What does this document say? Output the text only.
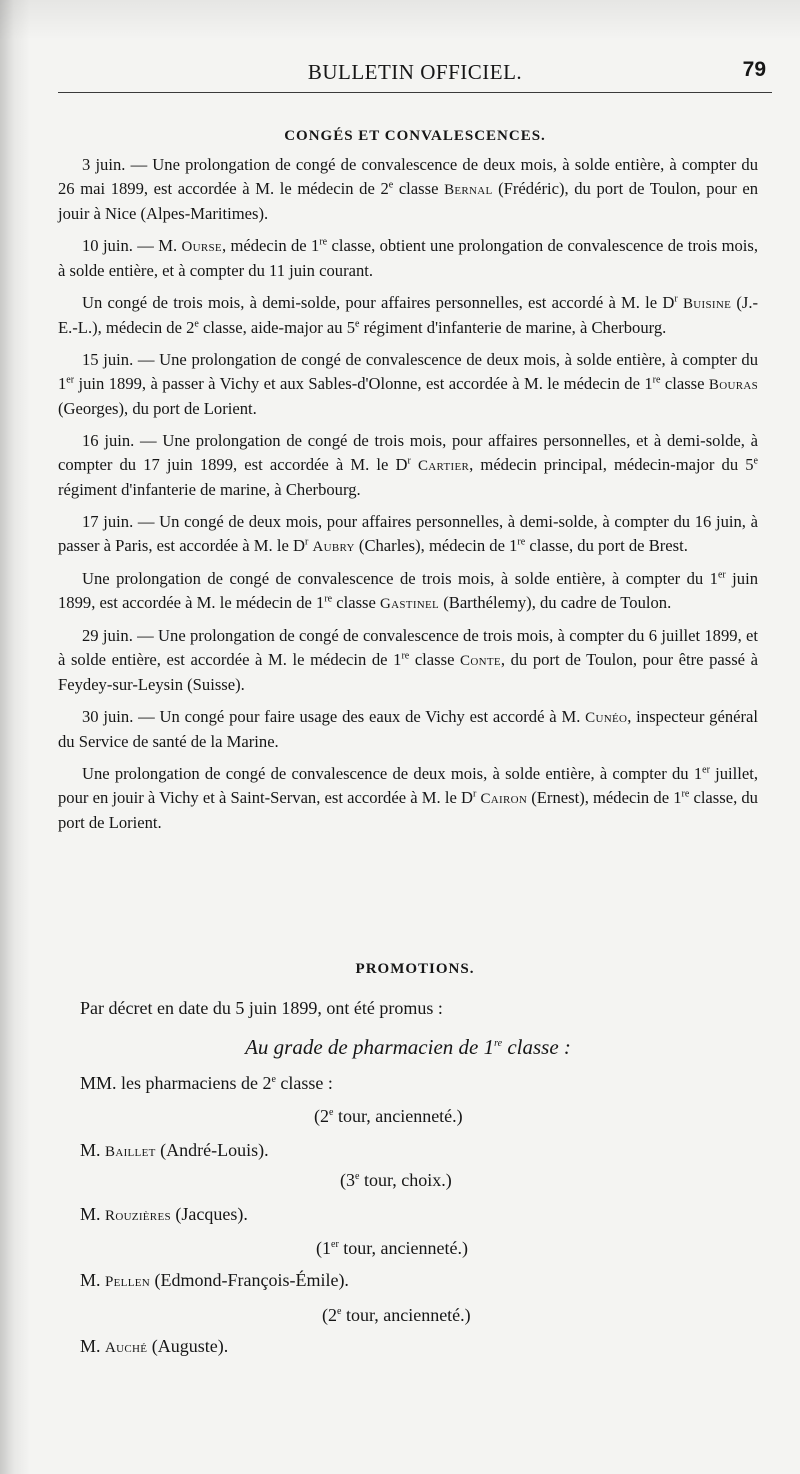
BULLETIN OFFICIEL.	79
CONGÉS ET CONVALESCENCES.

3 juin. — Une prolongation de congé de convalescence de deux mois, à solde entière, à compter du 26 mai 1899, est accordée à M. le médecin de 2e classe Bernal (Frédéric), du port de Toulon, pour en jouir à Nice (Alpes-Maritimes).

10 juin. — M. Ourse, médecin de 1re classe, obtient une prolongation de convalescence de trois mois, à solde entière, et à compter du 11 juin courant.

Un congé de trois mois, à demi-solde, pour affaires personnelles, est accordé à M. le $D^r$ Buisine (J.-E.-L.), médecin de 2e classe, aide-major au 5e régiment d'infanterie de marine, à Cherbourg.

15 juin. — Une prolongation de congé de convalescence de deux mois, à solde entière, à compter du 1er juin 1899, à passer à Vichy et aux Sables-d'Olonne, est accordée à M. le médecin de 1re classe Bouras (Georges), du port de Lorient.

16 juin. — Une prolongation de congé de trois mois, pour affaires personnelles, et à demi-solde, à compter du 17 juin 1899, est accordée à M. le $D^r$ Cartier, médecin principal, médecin-major du 5e régiment d'infanterie de marine, à Cherbourg.

17 juin. — Un congé de deux mois, pour affaires personnelles, à demi-solde, à compter du 16 juin, à passer à Paris, est accordée à M. le $D^r$ Aubry (Charles), médecin de 1re classe, du port de Brest.

Une prolongation de congé de convalescence de trois mois, à solde entière, à compter du 1er juin 1899, est accordée à M. le médecin de 1re classe Gastinel (Barthélemy), du cadre de Toulon.

29 juin. — Une prolongation de congé de convalescence de trois mois, à compter du 6 juillet 1899, et à solde entière, est accordée à M. le médecin de 1re classe Conte, du port de Toulon, pour être passé à Feydey-sur-Leysin (Suisse).

30 juin. — Un congé pour faire usage des eaux de Vichy est accordé à M. Cunéo, inspecteur général du Service de santé de la Marine.

Une prolongation de congé de convalescence de deux mois, à solde entière, à compter du 1er juillet, pour en jouir à Vichy et à Saint-Servan, est accordée à M. le $D^r$ Cairon (Ernest), médecin de 1re classe, du port de Lorient.

PROMOTIONS.
Par décret en date du 5 juin 1899, ont été promus :
Au grade de pharmacien de 1re classe :
MM. les pharmaciens de 2e classe :
(2e tour, ancienneté.)
M. Baillet (André-Louis).
(3e tour, choix.)
M. Rouzières (Jacques).
(1er tour, ancienneté.)
M. Pellen (Edmond-François-Émile).
(2e tour, ancienneté.)
M. Auché (Auguste).
